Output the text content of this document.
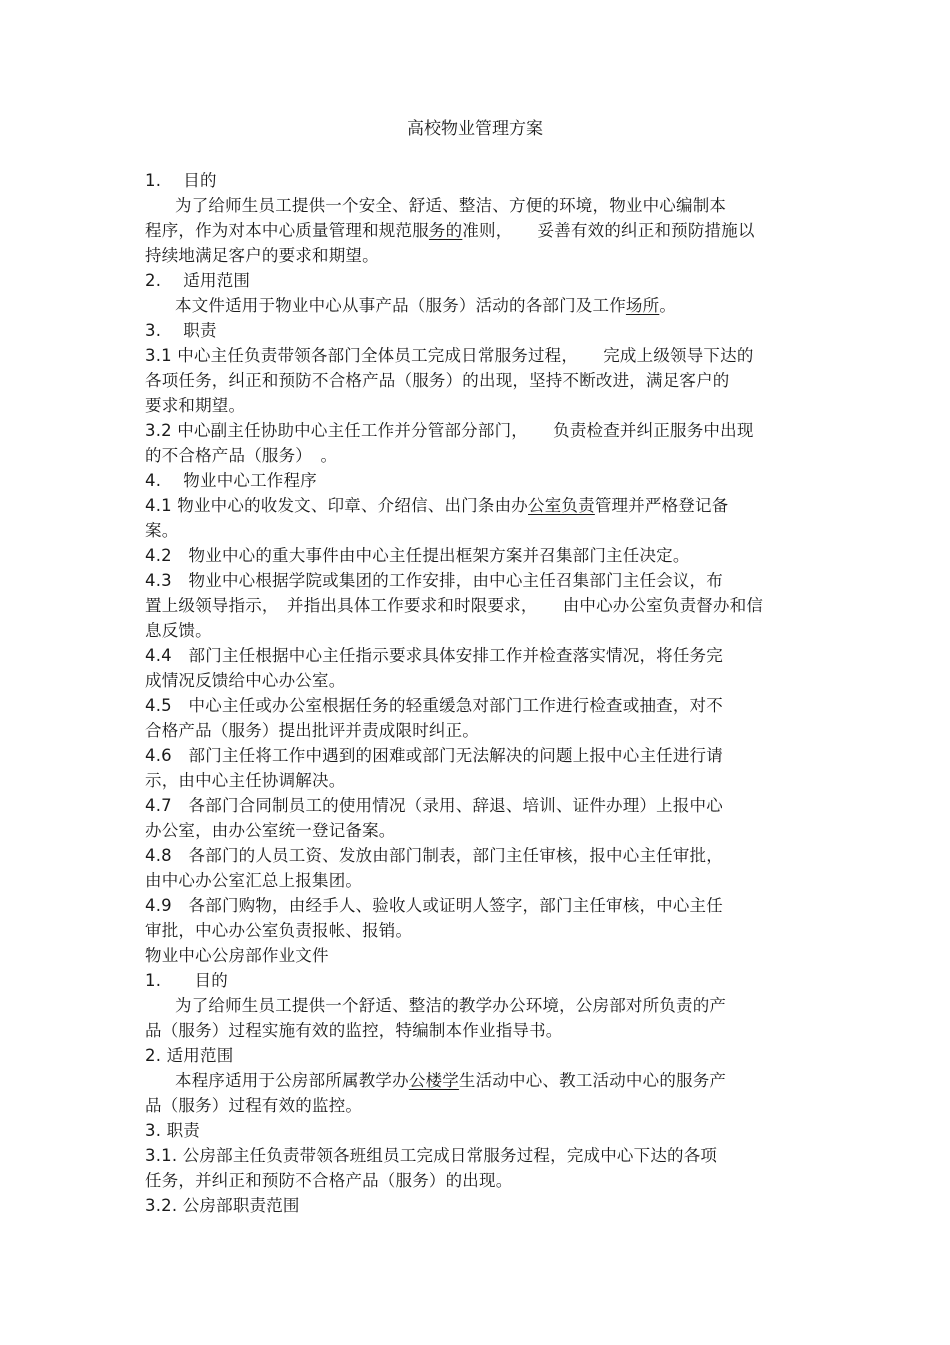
高校物业管理方案
1.　 目的
为了给师生员工提供一个安全、舒适、整洁、方便的环境，物业中心编制本
程序，作为对本中心质量管理和规范服务的准则，　　妥善有效的纠正和预防措施以
持续地满足客户的要求和期望。
2.　 适用范围
本文件适用于物业中心从事产品（服务）活动的各部门及工作场所。
3.　 职责
3.1 中心主任负责带领各部门全体员工完成日常服务过程，　　完成上级领导下达的
各项任务，纠正和预防不合格产品（服务）的出现，坚持不断改进，满足客户的
要求和期望。
3.2 中心副主任协助中心主任工作并分管部分部门，　　负责检查并纠正服务中出现
的不合格产品（服务）　。
4.　 物业中心工作程序
4.1 物业中心的收发文、印章、介绍信、出门条由办公室负责管理并严格登记备
案。
4.2　物业中心的重大事件由中心主任提出框架方案并召集部门主任决定。
4.3　物业中心根据学院或集团的工作安排，由中心主任召集部门主任会议，布
置上级领导指示，　并指出具体工作要求和时限要求，　　由中心办公室负责督办和信
息反馈。
4.4　部门主任根据中心主任指示要求具体安排工作并检查落实情况，将任务完
成情况反馈给中心办公室。
4.5　中心主任或办公室根据任务的轻重缓急对部门工作进行检查或抽查，对不
合格产品（服务）提出批评并责成限时纠正。
4.6　部门主任将工作中遇到的困难或部门无法解决的问题上报中心主任进行请
示，由中心主任协调解决。
4.7　各部门合同制员工的使用情况（录用、辞退、培训、证件办理）上报中心
办公室，由办公室统一登记备案。
4.8　各部门的人员工资、发放由部门制表，部门主任审核，报中心主任审批，
由中心办公室汇总上报集团。
4.9　各部门购物，由经手人、验收人或证明人签字，部门主任审核，中心主任
审批，中心办公室负责报帐、报销。
物业中心公房部作业文件
1.　　目的
为了给师生员工提供一个舒适、整洁的教学办公环境，公房部对所负责的产
品（服务）过程实施有效的监控，特编制本作业指导书。
2. 适用范围
本程序适用于公房部所属教学办公楼学生活动中心、教工活动中心的服务产
品（服务）过程有效的监控。
3. 职责
3.1. 公房部主任负责带领各班组员工完成日常服务过程，完成中心下达的各项
任务，并纠正和预防不合格产品（服务）的出现。
3.2. 公房部职责范围
